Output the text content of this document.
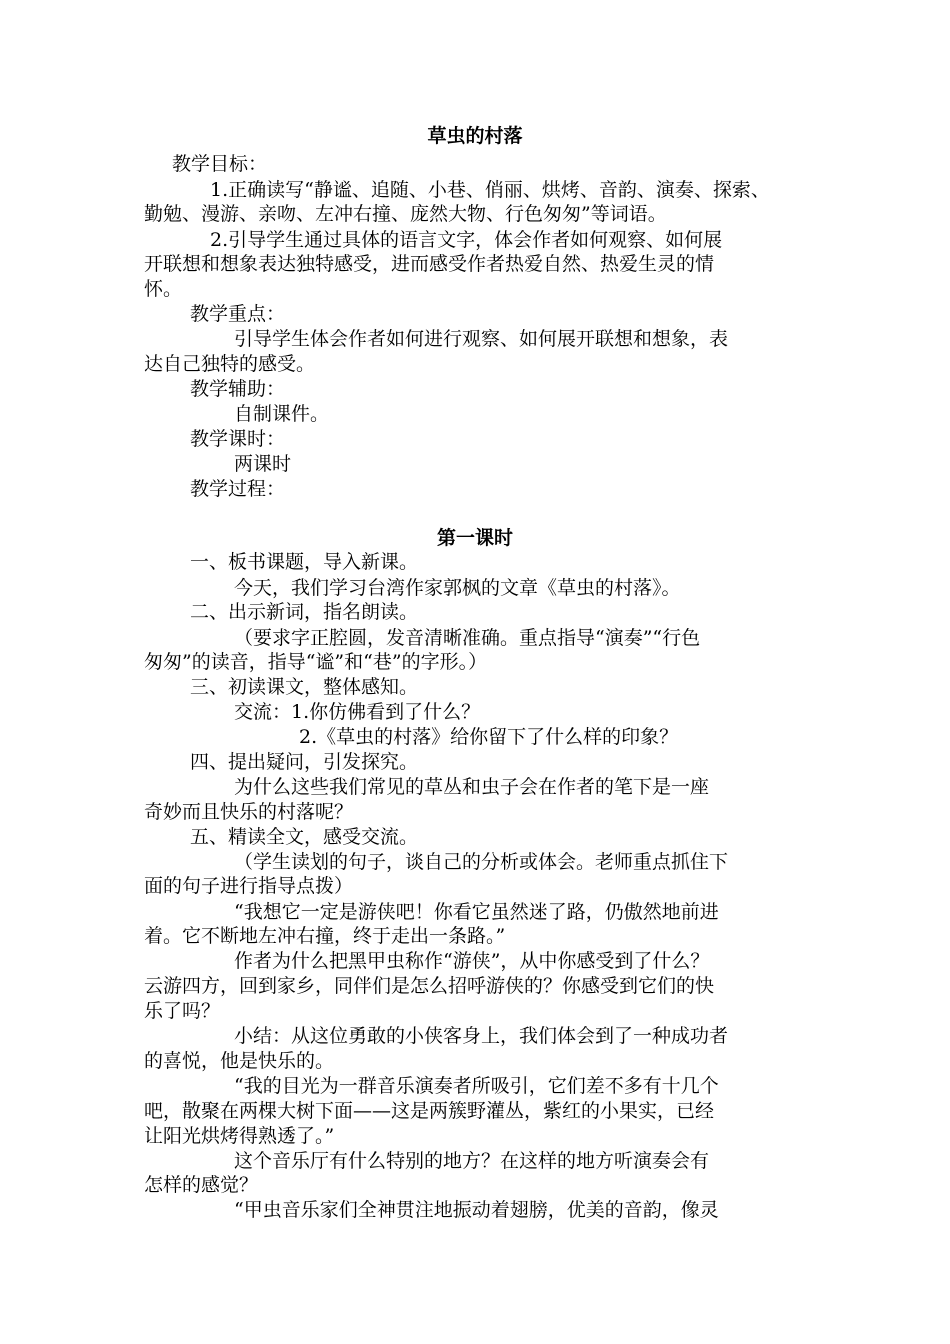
草虫的村落
教学目标：
1.正确读写“静谧、追随、小巷、俏丽、烘烤、音韵、演奏、探索、
勤勉、漫游、亲吻、左冲右撞、庞然大物、行色匆匆”等词语。
2.引导学生通过具体的语言文字，体会作者如何观察、如何展
开联想和想象表达独特感受，进而感受作者热爱自然、热爱生灵的情
怀。
教学重点：
引导学生体会作者如何进行观察、如何展开联想和想象，表
达自己独特的感受。
教学辅助：
自制课件。
教学课时：
两课时
教学过程：
第一课时
一、板书课题，导入新课。
今天，我们学习台湾作家郭枫的文章《草虫的村落》。
二、出示新词，指名朗读。
（要求字正腔圆，发音清晰准确。重点指导“演奏”“行色
匆匆”的读音，指导“谧”和“巷”的字形。）
三、初读课文，整体感知。
交流：1.你仿佛看到了什么？
2.《草虫的村落》给你留下了什么样的印象？
四、提出疑问，引发探究。
为什么这些我们常见的草丛和虫子会在作者的笔下是一座
奇妙而且快乐的村落呢？
五、精读全文，感受交流。
（学生读划的句子，谈自己的分析或体会。老师重点抓住下
面的句子进行指导点拨）
“我想它一定是游侠吧！你看它虽然迷了路，仍傲然地前进
着。它不断地左冲右撞，终于走出一条路。”
作者为什么把黑甲虫称作“游侠”，从中你感受到了什么？
云游四方，回到家乡，同伴们是怎么招呼游侠的？你感受到它们的快
乐了吗？
小结：从这位勇敢的小侠客身上，我们体会到了一种成功者
的喜悦，他是快乐的。
“我的目光为一群音乐演奏者所吸引，它们差不多有十几个
吧，散聚在两棵大树下面——这是两簇野灌丛，紫红的小果实，已经
让阳光烘烤得熟透了。”
这个音乐厅有什么特别的地方？在这样的地方听演奏会有
怎样的感觉？
“甲虫音乐家们全神贯注地振动着翅膀，优美的音韵，像灵
